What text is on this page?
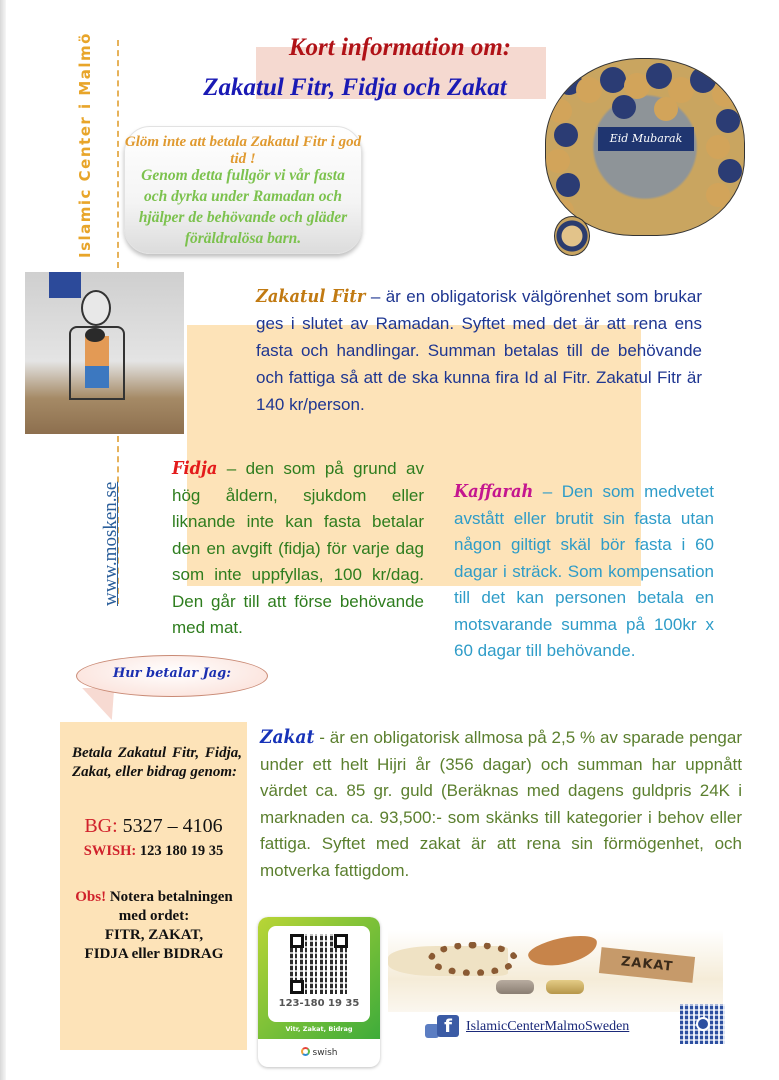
Islamic Center i Malmö
www.mosken.se
Kort information om:
Zakatul Fitr, Fidja och Zakat
Glöm inte att betala Zakatul Fitr i god tid !
Genom detta fullgör vi vår fasta och dyrka under Ramadan och hjälper de behövande och gläder föräldralösa barn.
Eid Mubarak

Zakatul Fitr – är en obligatorisk välgörenhet som brukar ges i slutet av Ramadan. Syftet med det är att rena ens fasta och handlingar. Summan betalas till de behövande och fattiga så att de ska kunna fira Id al Fitr. Zakatul Fitr är 140 kr/person.

Fidja – den som på grund av hög åldern, sjukdom eller liknande inte kan fasta betalar den en avgift (fidja) för varje dag som inte uppfyllas, 100 kr/dag. Den går till att förse behövande med mat.

Kaffarah – Den som medvetet avstått eller brutit sin fasta utan någon giltigt skäl bör fasta i 60 dagar i sträck. Som kompensation till det kan personen betala en motsvarande summa på 100kr x 60 dagar till behövande.

Hur betalar Jag:
Betala Zakatul Fitr, Fidja, Zakat, eller bidrag genom:
BG: 5327 – 4106
SWISH: 123 180 19 35
Obs! Notera betalningen med ordet:
FITR, ZAKAT,
FIDJA eller BIDRAG

Zakat - är en obligatorisk allmosa på 2,5 % av sparade pengar under ett helt Hijri år (356 dagar) och summan har uppnått värdet ca. 85 gr. guld (Beräknas med dagens guldpris 24K i marknaden ca. 93,500:- som skänks till kategorier i behov eller fattiga. Syftet med zakat är att rena sin förmögenhet, och motverka fattigdom.

123-180 19 35
Vitr, Zakat, Bidrag
swish
ZAKAT
f	IslamicCenterMalmoSweden
